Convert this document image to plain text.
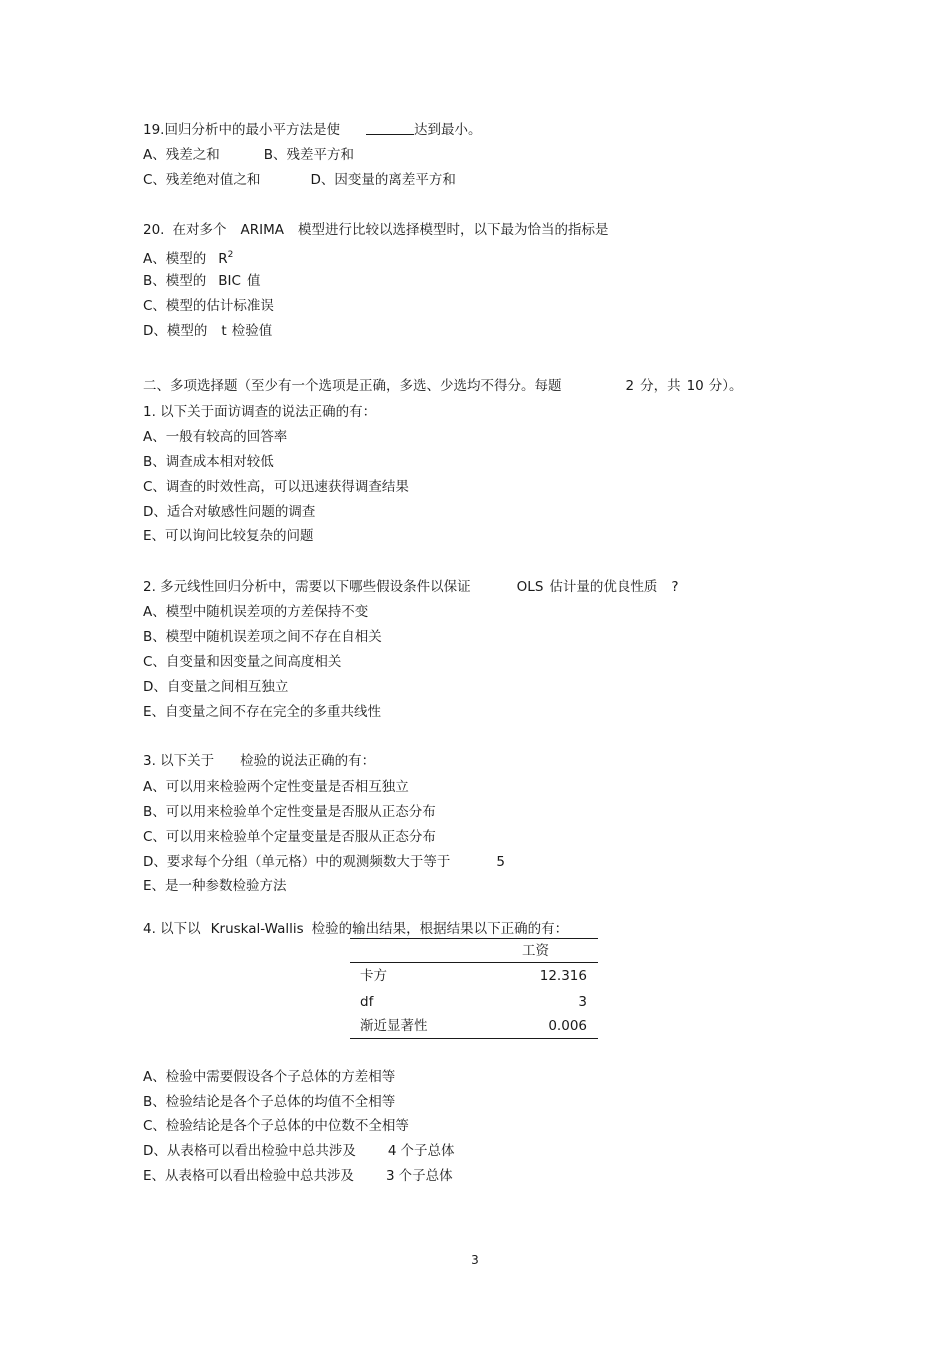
19.回归分析中的最小平方法是使	达到最小。
A、残差之和	B、残差平方和
C、残差绝对值之和	D、因变量的离差平方和
20. 在对多个 ARIMA 模型进行比较以选择模型时，以下最为恰当的指标是
A、模型的 $R^2$
B、模型的 BIC 值
C、模型的估计标准误
D、模型的 t 检验值
二、多项选择题（至少有一个选项是正确，多选、少选均不得分。每题	2 分，共 10 分）。
1. 以下关于面访调查的说法正确的有：
A、一般有较高的回答率
B、调查成本相对较低
C、调查的时效性高，可以迅速获得调查结果
D、适合对敏感性问题的调查
E、可以询问比较复杂的问题
2. 多元线性回归分析中，需要以下哪些假设条件以保证	OLS 估计量的优良性质 ?
A、模型中随机误差项的方差保持不变
B、模型中随机误差项之间不存在自相关
C、自变量和因变量之间高度相关
D、自变量之间相互独立
E、自变量之间不存在完全的多重共线性
3. 以下关于 检验的说法正确的有：
A、可以用来检验两个定性变量是否相互独立
B、可以用来检验单个定性变量是否服从正态分布
C、可以用来检验单个定量变量是否服从正态分布
D、要求每个分组（单元格）中的观测频数大于等于	5
E、是一种参数检验方法
4. 以下以 Kruskal-Wallis 检验的输出结果，根据结果以下正确的有：
工资
卡方	12.316
df	3
渐近显著性	0.006
A、检验中需要假设各个子总体的方差相等
B、检验结论是各个子总体的均值不全相等
C、检验结论是各个子总体的中位数不全相等
D、从表格可以看出检验中总共涉及 4 个子总体
E、从表格可以看出检验中总共涉及 3 个子总体
3
